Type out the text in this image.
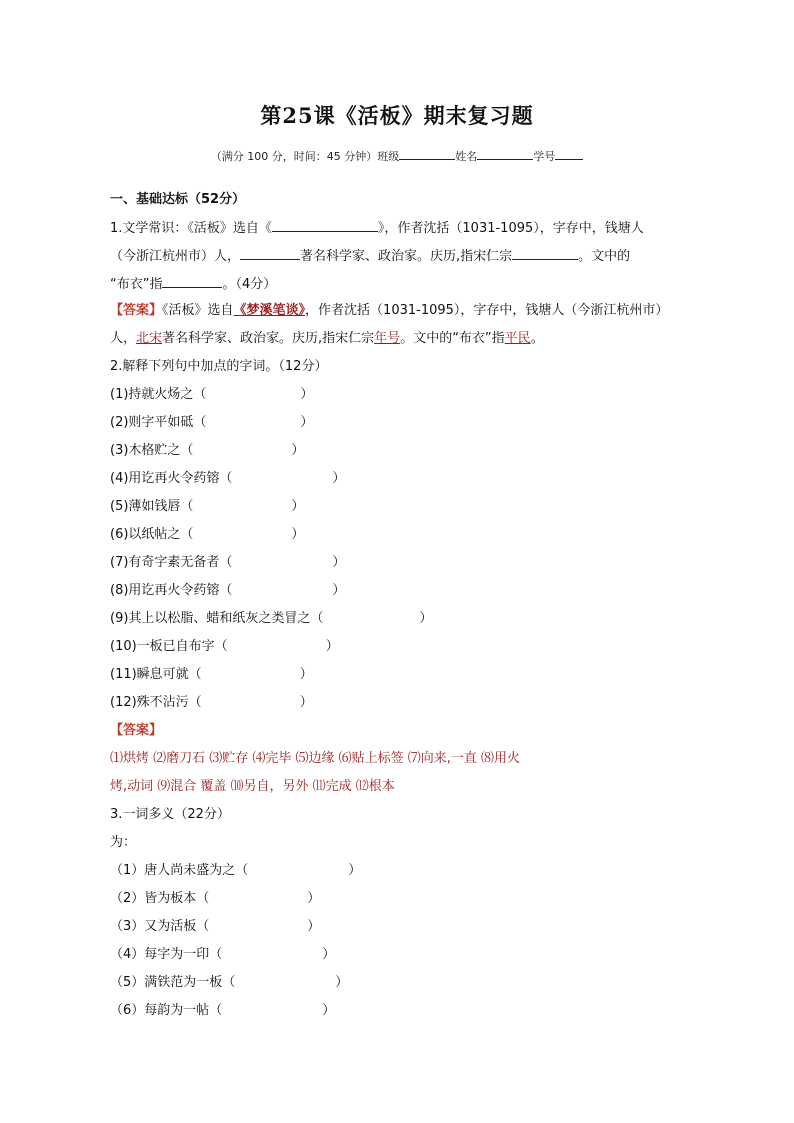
第25课《活板》期末复习题
（满分 100 分，时间：45 分钟）班级	姓名	学号
一、基础达标（52分）
1.文学常识：《活板》选自《	》，作者沈括（1031-1095），字存中，钱塘人
（今浙江杭州市）人，	著名科学家、政治家。庆历,指宋仁宗	。文中的
“布衣”指	。（4分）
【答案】《活板》选自《梦溪笔谈》，作者沈括（1031-1095），字存中，钱塘人（今浙江杭州市）
人，北宋著名科学家、政治家。庆历,指宋仁宗年号。文中的“布衣”指平民。
2.解释下列句中加点的字词。（12分）
(1)持就火炀之（	）
(2)则字平如砥（	）
(3)木格贮之（	）
(4)用讫再火令药镕（	）
(5)薄如钱唇（	）
(6)以纸帖之（	）
(7)有奇字素无备者（	）
(8)用讫再火令药镕（	）
(9)其上以松脂、蜡和纸灰之类冒之（	）
(10)一板已自布字（	）
(11)瞬息可就（	）
(12)殊不沾污（	）
【答案】
⑴烘烤 ⑵磨刀石 ⑶贮存 ⑷完毕 ⑸边缘 ⑹贴上标签 ⑺向来,一直 ⑻用火
烤,动词 ⑼混合 覆盖 ⑽另自，另外 ⑾完成 ⑿根本
3.一词多义（22分）
为：
（1）唐人尚未盛为之（	）
（2）皆为板本（	）
（3）又为活板（	）
（4）每字为一印（	）
（5）满铁范为一板（	）
（6）每韵为一帖（	）
